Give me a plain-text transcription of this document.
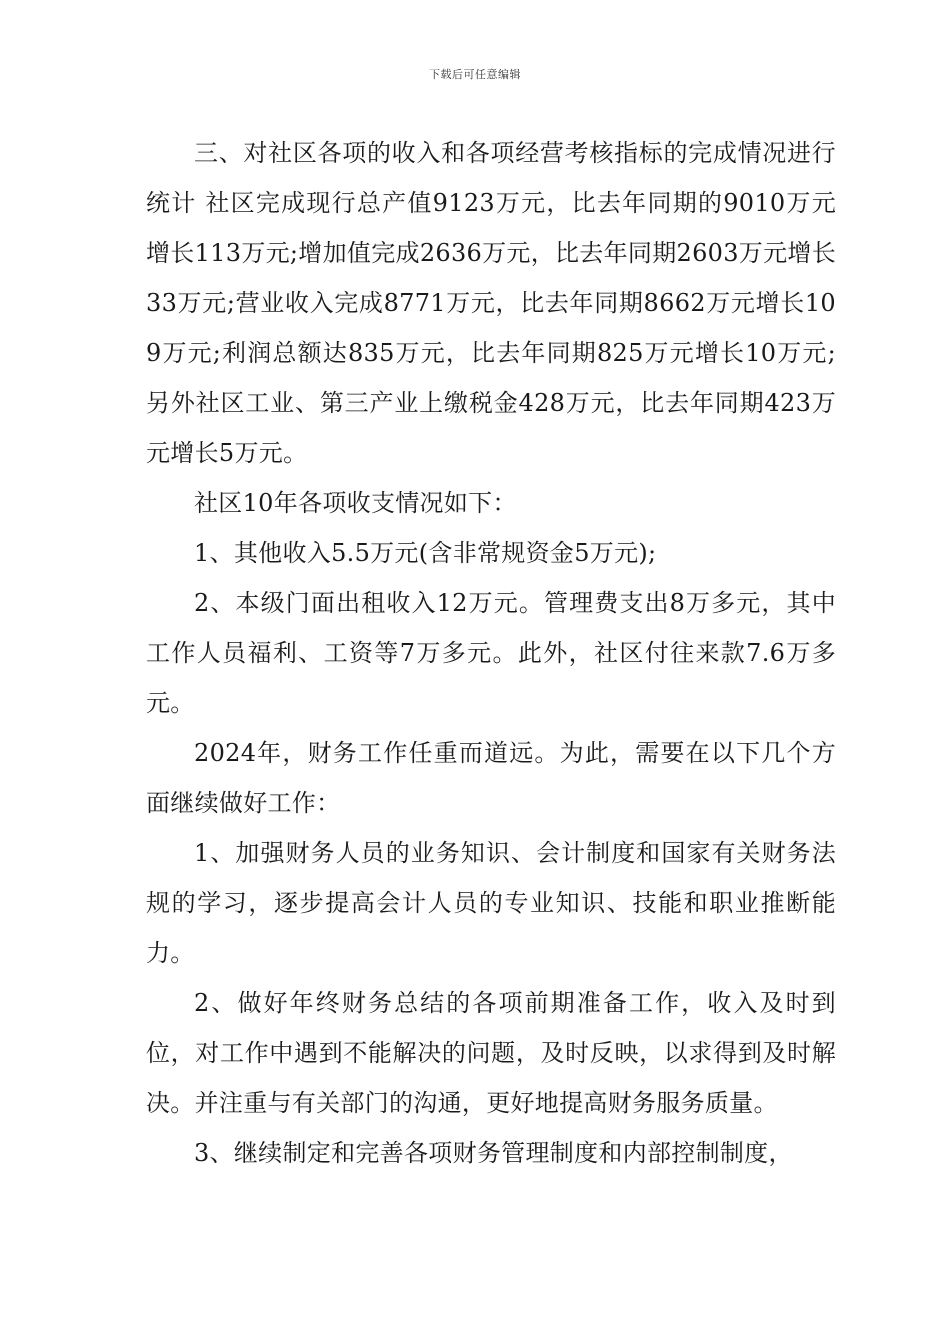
下载后可任意编辑

三、对社区各项的收入和各项经营考核指标的完成情况进行统计 社区完成现行总产值9123万元，比去年同期的9010万元增长113万元;增加值完成2636万元，比去年同期2603万元增长33万元;营业收入完成8771万元，比去年同期8662万元增长109万元;利润总额达835万元，比去年同期825万元增长10万元;另外社区工业、第三产业上缴税金428万元，比去年同期423万元增长5万元。

社区10年各项收支情况如下：

1、其他收入5.5万元(含非常规资金5万元);

2、本级门面出租收入12万元。管理费支出8万多元，其中工作人员福利、工资等7万多元。此外，社区付往来款7.6万多元。

2024年，财务工作任重而道远。为此，需要在以下几个方面继续做好工作：

1、加强财务人员的业务知识、会计制度和国家有关财务法规的学习，逐步提高会计人员的专业知识、技能和职业推断能力。

2、做好年终财务总结的各项前期准备工作，收入及时到位，对工作中遇到不能解决的问题，及时反映，以求得到及时解决。并注重与有关部门的沟通，更好地提高财务服务质量。

3、继续制定和完善各项财务管理制度和内部控制制度，
